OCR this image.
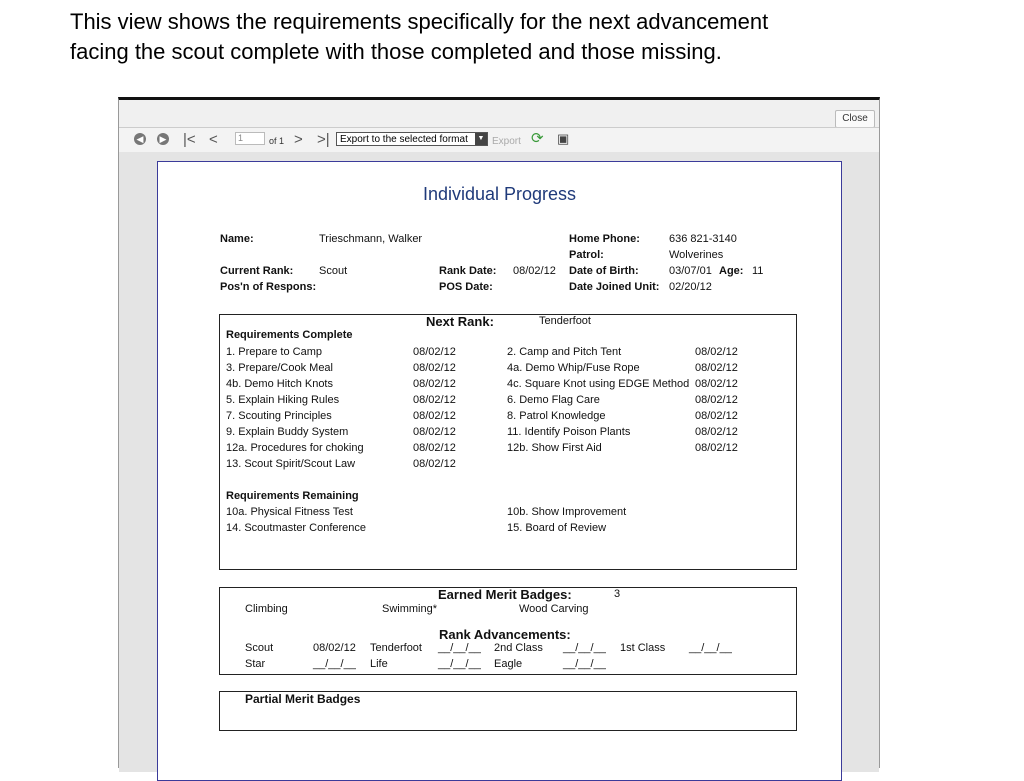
This view shows the requirements specifically for the next advancement
facing the scout complete with those completed and those missing.
Close
◀ ▶ |< <	1	of 1 > >|	Export to the selected format	▼ Export ⟳ ▣
Individual Progress
Name:	Trieschmann, Walker	Home Phone:	636 821-3140
Patrol:	Wolverines
Current Rank: Scout	Rank Date: 08/02/12 Date of Birth:	03/07/01 Age: 11
Pos'n of Respons:	POS Date:	Date Joined Unit: 02/20/12
Next Rank:	Tenderfoot
Requirements Complete
1. Prepare to Camp	08/02/12	2. Camp and Pitch Tent	08/02/12
3. Prepare/Cook Meal	08/02/12	4a. Demo Whip/Fuse Rope	08/02/12
4b. Demo Hitch Knots	08/02/12	4c. Square Knot using EDGE Method 08/02/12
5. Explain Hiking Rules	08/02/12	6. Demo Flag Care	08/02/12
7. Scouting Principles	08/02/12	8. Patrol Knowledge	08/02/12
9. Explain Buddy System	08/02/12	11. Identify Poison Plants	08/02/12
12a. Procedures for choking	08/02/12	12b. Show First Aid	08/02/12
13. Scout Spirit/Scout Law	08/02/12
Requirements Remaining
10a. Physical Fitness Test	10b. Show Improvement
14. Scoutmaster Conference	15. Board of Review
Earned Merit Badges:	3
Climbing	Swimming*	Wood Carving
Rank Advancements:
Scout	08/02/12 Tenderfoot __/__/__ 2nd Class __/__/__ 1st Class __/__/__
Star	__/__/__ Life	__/__/__ Eagle	__/__/__
Partial Merit Badges
